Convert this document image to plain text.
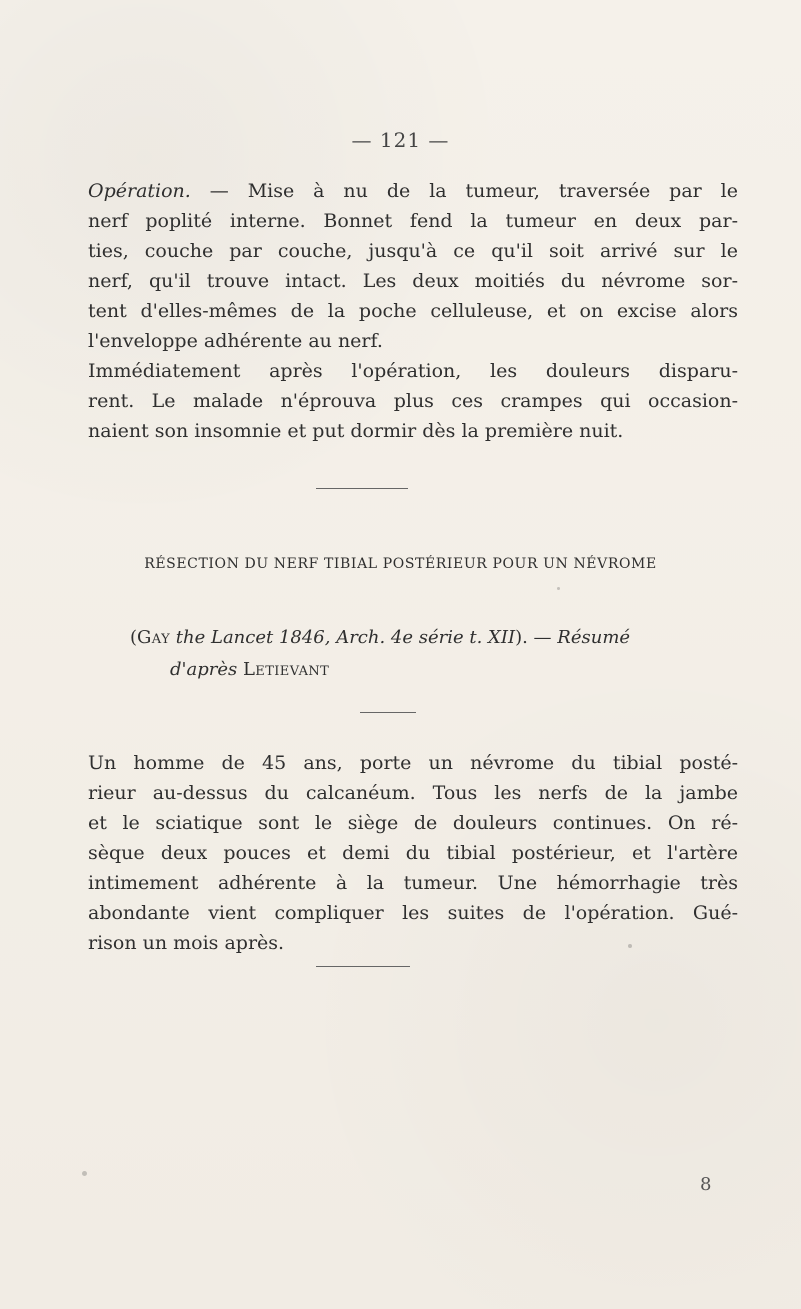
— 121 —
Opération. — Mise à nu de la tumeur, traversée par le
nerf poplité interne. Bonnet fend la tumeur en deux par-
ties, couche par couche, jusqu'à ce qu'il soit arrivé sur le
nerf, qu'il trouve intact. Les deux moitiés du névrome sor-
tent d'elles-mêmes de la poche celluleuse, et on excise alors
l'enveloppe adhérente au nerf.
Immédiatement après l'opération, les douleurs disparu-
rent. Le malade n'éprouva plus ces crampes qui occasion-
naient son insomnie et put dormir dès la première nuit.
RÉSECTION DU NERF TIBIAL POSTÉRIEUR POUR UN NÉVROME
(Gay the Lancet 1846, Arch. 4e série t. XII). — Résumé
d'après Letievant
Un homme de 45 ans, porte un névrome du tibial posté-
rieur au-dessus du calcanéum. Tous les nerfs de la jambe
et le sciatique sont le siège de douleurs continues. On ré-
sèque deux pouces et demi du tibial postérieur, et l'artère
intimement adhérente à la tumeur. Une hémorrhagie très
abondante vient compliquer les suites de l'opération. Gué-
rison un mois après.
8
